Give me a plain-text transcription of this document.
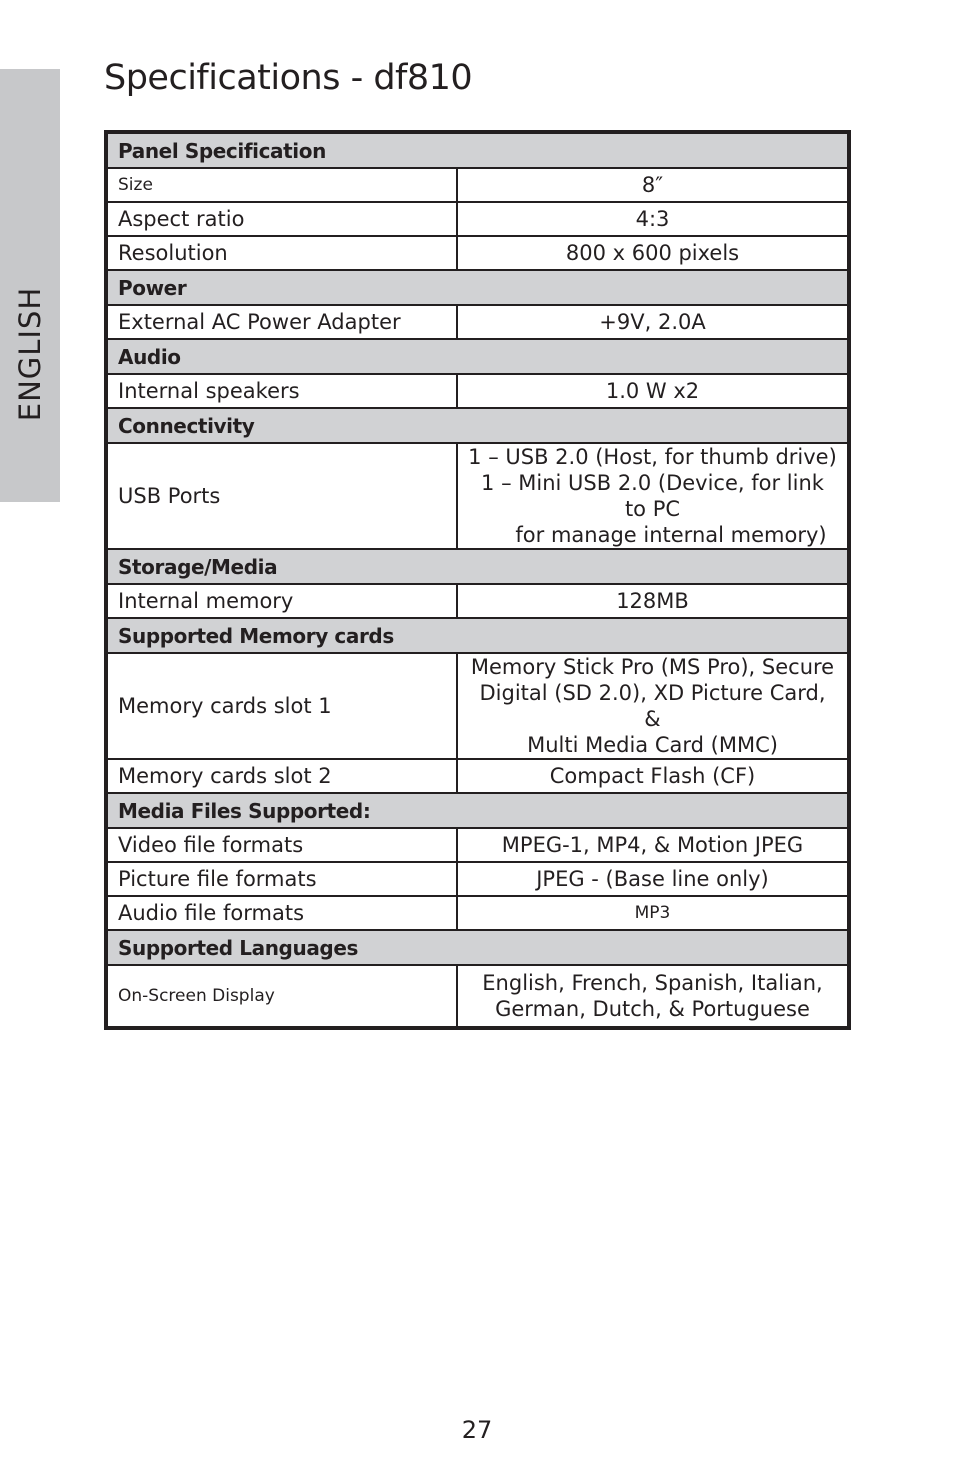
ENGLISH
Specifications - df810
Panel Specification	
Size	8″
Aspect ratio	4:3
Resolution	800 x 600 pixels
Power	
External AC Power Adapter	+9V, 2.0A
Audio	
Internal speakers	1.0 W x2
Connectivity	
USB Ports	1 – USB 2.0 (Host, for thumb drive)
1 – Mini USB 2.0 (Device, for link to PC
for manage internal memory)

Storage/Media	
Internal memory	128MB
Supported Memory cards	
Memory cards slot 1	Memory Stick Pro (MS Pro), Secure
Digital (SD 2.0), XD Picture Card, &
Multi Media Card (MMC)
Memory cards slot 2	Compact Flash (CF)
Media Files Supported:	
Video file formats	MPEG-1, MP4, & Motion JPEG
Picture file formats	JPEG - (Base line only)
Audio file formats	MP3
Supported Languages	
On-Screen Display	English, French, Spanish, Italian,
German, Dutch, & Portuguese
27
